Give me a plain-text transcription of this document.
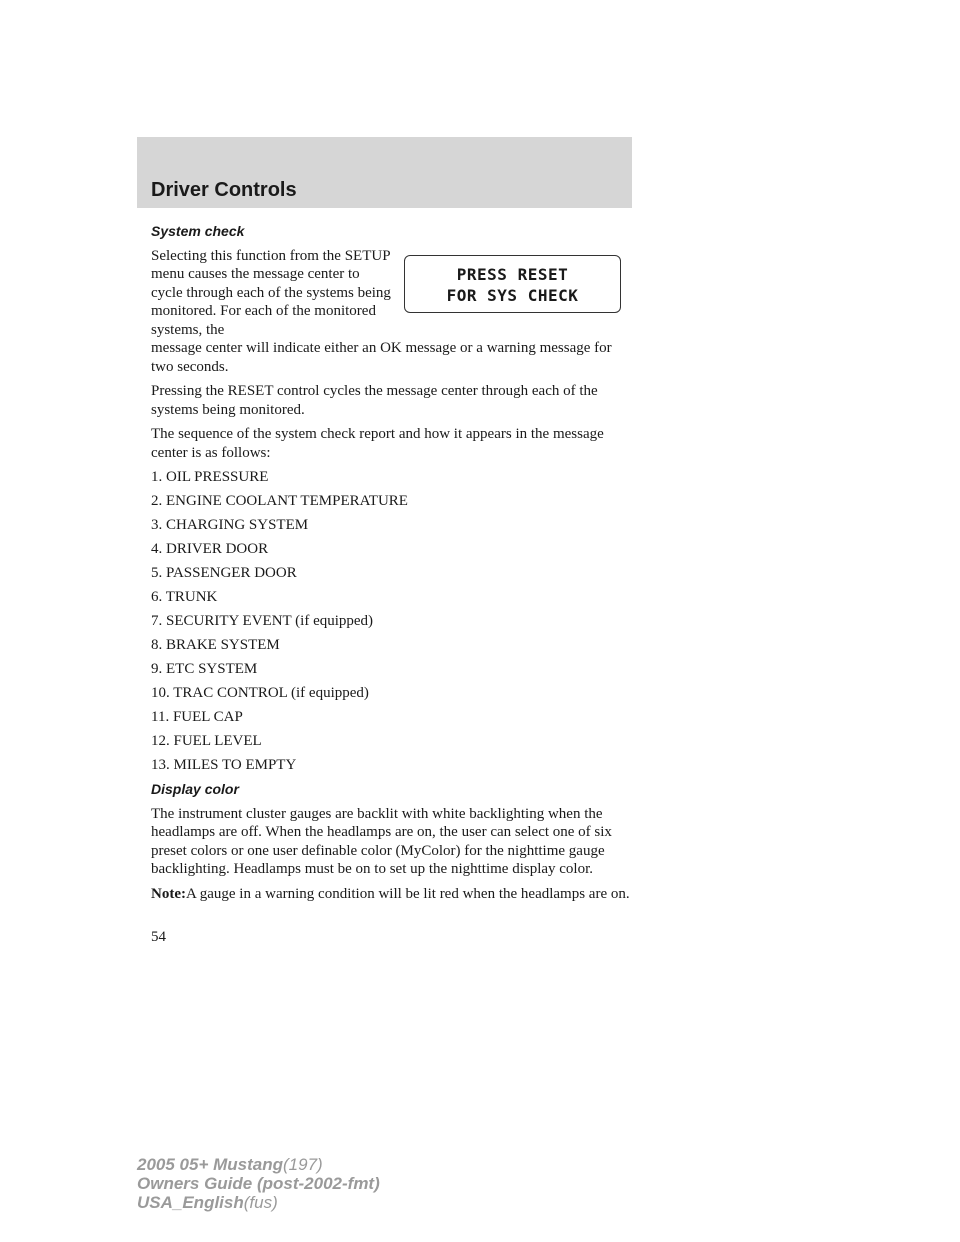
Driver Controls
System check
PRESS RESET
FOR SYS CHECK
Selecting this function from the SETUP menu causes the message center to cycle through each of the systems being monitored. For each of the monitored systems, the

message center will indicate either an OK message or a warning message for two seconds.

Pressing the RESET control cycles the message center through each of the systems being monitored.

The sequence of the system check report and how it appears in the message center is as follows:

1. OIL PRESSURE
2. ENGINE COOLANT TEMPERATURE
3. CHARGING SYSTEM
4. DRIVER DOOR
5. PASSENGER DOOR
6. TRUNK
7. SECURITY EVENT (if equipped)
8. BRAKE SYSTEM
9. ETC SYSTEM
10. TRAC CONTROL (if equipped)
11. FUEL CAP
12. FUEL LEVEL
13. MILES TO EMPTY
Display color

The instrument cluster gauges are backlit with white backlighting when the headlamps are off. When the headlamps are on, the user can select one of six preset colors or one user definable color (MyColor) for the nighttime gauge backlighting. Headlamps must be on to set up the nighttime display color.

Note:A gauge in a warning condition will be lit red when the headlamps are on.

54
2005 05+ Mustang(197)
Owners Guide (post-2002-fmt)
USA_English(fus)
